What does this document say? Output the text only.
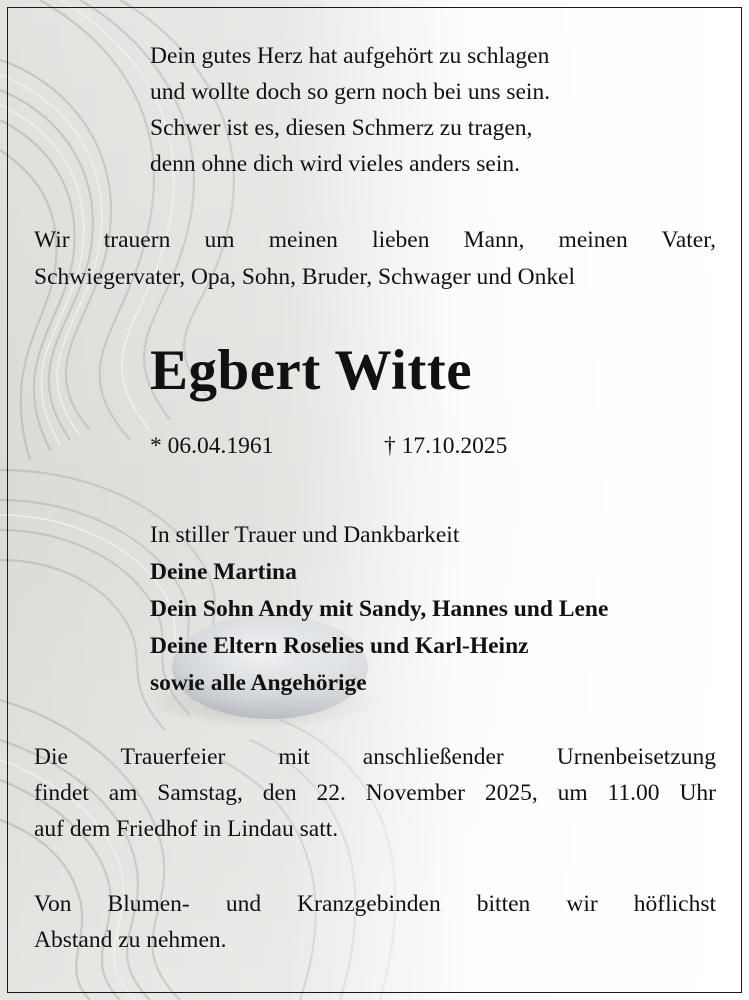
Dein gutes Herz hat aufgehört zu schlagen
und wollte doch so gern noch bei uns sein.
Schwer ist es, diesen Schmerz zu tragen,
denn ohne dich wird vieles anders sein.
Wir trauern um meinen lieben Mann, meinen Vater,
Schwiegervater, Opa, Sohn, Bruder, Schwager und Onkel
Egbert Witte
* 06.04.1961	† 17.10.2025
In stiller Trauer und Dankbarkeit
Deine Martina
Dein Sohn Andy mit Sandy, Hannes und Lene
Deine Eltern Roselies und Karl-Heinz
sowie alle Angehörige
Die Trauerfeier mit anschließender Urnenbeisetzung
findet am Samstag, den 22. November 2025, um 11.00 Uhr
auf dem Friedhof in Lindau satt.
Von Blumen- und Kranzgebinden bitten wir höflichst
Abstand zu nehmen.
